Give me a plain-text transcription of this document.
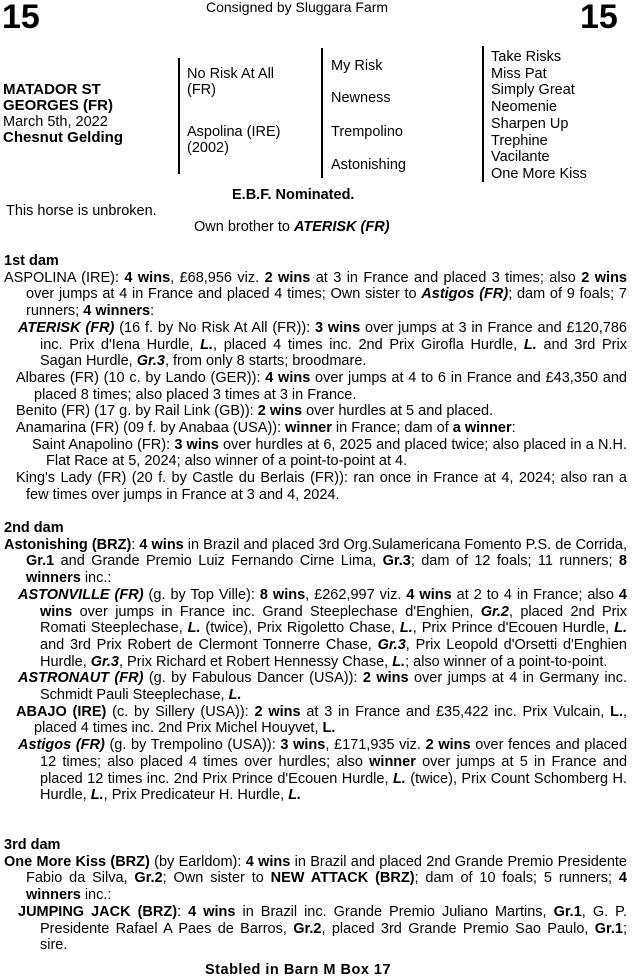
15	Consigned by Sluggara Farm	15
MATADOR ST
GEORGES (FR)
March 5th, 2022
Chesnut Gelding
No Risk At All
(FR)
Aspolina (IRE)
(2002)
My Risk
Newness
Trempolino
Astonishing
Take Risks
Miss Pat
Simply Great
Neomenie
Sharpen Up
Trephine
Vacilante
One More Kiss
E.B.F. Nominated.
This horse is unbroken.
Own brother to ATERISK (FR)
1st dam

ASPOLINA (IRE): 4 wins, £68,956 viz. 2 wins at 3 in France and placed 3 times; also 2 wins over jumps at 4 in France and placed 4 times; Own sister to Astigos (FR); dam of 9 foals; 7 runners; 4 winners:

ATERISK (FR) (16 f. by No Risk At All (FR)): 3 wins over jumps at 3 in France and £120,786 inc. Prix d'Iena Hurdle, L., placed 4 times inc. 2nd Prix Girofla Hurdle, L. and 3rd Prix Sagan Hurdle, Gr.3, from only 8 starts; broodmare.

Albares (FR) (10 c. by Lando (GER)): 4 wins over jumps at 4 to 6 in France and £43,350 and placed 8 times; also placed 3 times at 3 in France.

Benito (FR) (17 g. by Rail Link (GB)): 2 wins over hurdles at 5 and placed.

Anamarina (FR) (09 f. by Anabaa (USA)): winner in France; dam of a winner:

Saint Anapolino (FR): 3 wins over hurdles at 6, 2025 and placed twice; also placed in a N.H. Flat Race at 5, 2024; also winner of a point-to-point at 4.

King's Lady (FR) (20 f. by Castle du Berlais (FR)): ran once in France at 4, 2024; also ran a few times over jumps in France at 3 and 4, 2024.

2nd dam

Astonishing (BRZ): 4 wins in Brazil and placed 3rd Org.Sulamericana Fomento P.S. de Corrida, Gr.1 and Grande Premio Luiz Fernando Cirne Lima, Gr.3; dam of 12 foals; 11 runners; 8 winners inc.:

ASTONVILLE (FR) (g. by Top Ville): 8 wins, £262,997 viz. 4 wins at 2 to 4 in France; also 4 wins over jumps in France inc. Grand Steeplechase d'Enghien, Gr.2, placed 2nd Prix Romati Steeplechase, L. (twice), Prix Rigoletto Chase, L., Prix Prince d'Ecouen Hurdle, L. and 3rd Prix Robert de Clermont Tonnerre Chase, Gr.3, Prix Leopold d'Orsetti d'Enghien Hurdle, Gr.3, Prix Richard et Robert Hennessy Chase, L.; also winner of a point-to-point.

ASTRONAUT (FR) (g. by Fabulous Dancer (USA)): 2 wins over jumps at 4 in Germany inc. Schmidt Pauli Steeplechase, L.

ABAJO (IRE) (c. by Sillery (USA)): 2 wins at 3 in France and £35,422 inc. Prix Vulcain, L., placed 4 times inc. 2nd Prix Michel Houyvet, L.

Astigos (FR) (g. by Trempolino (USA)): 3 wins, £171,935 viz. 2 wins over fences and placed 12 times; also placed 4 times over hurdles; also winner over jumps at 5 in France and placed 12 times inc. 2nd Prix Prince d'Ecouen Hurdle, L. (twice), Prix Count Schomberg H. Hurdle, L., Prix Predicateur H. Hurdle, L.

3rd dam

One More Kiss (BRZ) (by Earldom): 4 wins in Brazil and placed 2nd Grande Premio Presidente Fabio da Silva, Gr.2; Own sister to NEW ATTACK (BRZ); dam of 10 foals; 5 runners; 4 winners inc.:

JUMPING JACK (BRZ): 4 wins in Brazil inc. Grande Premio Juliano Martins, Gr.1, G. P. Presidente Rafael A Paes de Barros, Gr.2, placed 3rd Grande Premio Sao Paulo, Gr.1; sire.

Stabled in Barn M Box 17
